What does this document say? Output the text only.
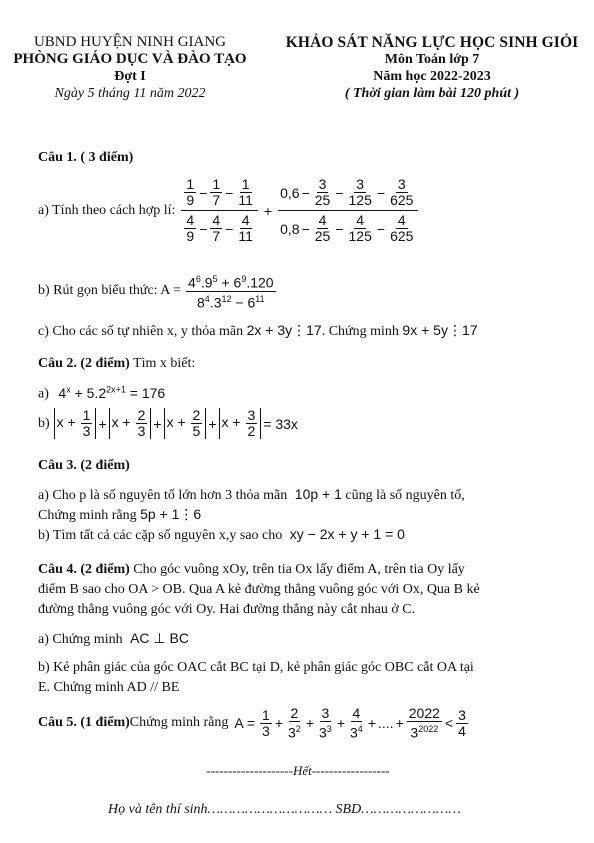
UBND HUYỆN NINH GIANG
PHÒNG GIÁO DỤC VÀ ĐÀO TẠO
Đợt I
Ngày 5 tháng 11 năm 2022
KHẢO SÁT NĂNG LỰC HỌC SINH GIỎI
Môn Toán lớp 7
Năm học 2022-2023
( Thời gian làm bài 120 phút )
Câu 1. ( 3 điểm)
a) Tính theo cách hợp lí: $\frac{\frac{1}{9} - \frac{1}{7} - \frac{1}{11}}{\frac{4}{9} - \frac{4}{7} - \frac{4}{11}} + \frac{0,6 - \frac{3}{25} - \frac{3}{125} - \frac{3}{625}}{0,8 - \frac{4}{25} - \frac{4}{125} - \frac{4}{625}}$
b) Rút gọn biểu thức: $A = \frac{4^6.9^5 + 6^9.120}{8^4.3^{12} - 6^{11}}$
c) Cho các số tự nhiên x, y thỏa mãn 2x + 3y⋮17. Chứng minh 9x + 5y⋮17
Câu 2. (2 điểm) Tìm x biết:
a) $4^x + 5.2^{2x+1} = 176$
b) $x + \frac{1}{3} + x + \frac{2}{3} + x + \frac{2}{5} + x + \frac{3}{2} = 33x$
Câu 3. (2 điểm)
a) Cho p là số nguyên tố lớn hơn 3 thỏa mãn 10p + 1 cũng là số nguyên tố,
Chứng minh rằng 5p + 1⋮6
b) Tìm tất cả các cặp số nguyên x,y sao cho xy − 2x + y + 1 = 0
Câu 4. (2 điểm) Cho góc vuông xOy, trên tia Ox lấy điểm A, trên tia Oy lấy
điểm B sao cho OA > OB. Qua A kẻ đường thẳng vuông góc với Ox, Qua B kẻ
đường thẳng vuông góc với Oy. Hai đường thẳng này cắt nhau ở C.
a) Chứng minh AC ⊥ BC
b) Kẻ phân giác của góc OAC cắt BC tại D, kẻ phân giác góc OBC cắt OA tại
E. Chứng minh AD // BE
Câu 5. (1 điểm) Chứng minh rằng $A = \frac{1}{3} + \frac{2}{3^2} + \frac{3}{3^3} + \frac{4}{3^4}$ + .... + $\frac{2022}{3^{2022}} < \frac{3}{4}$
--------------------Hết------------------
Họ và tên thí sinh………………………… SBD……………………
